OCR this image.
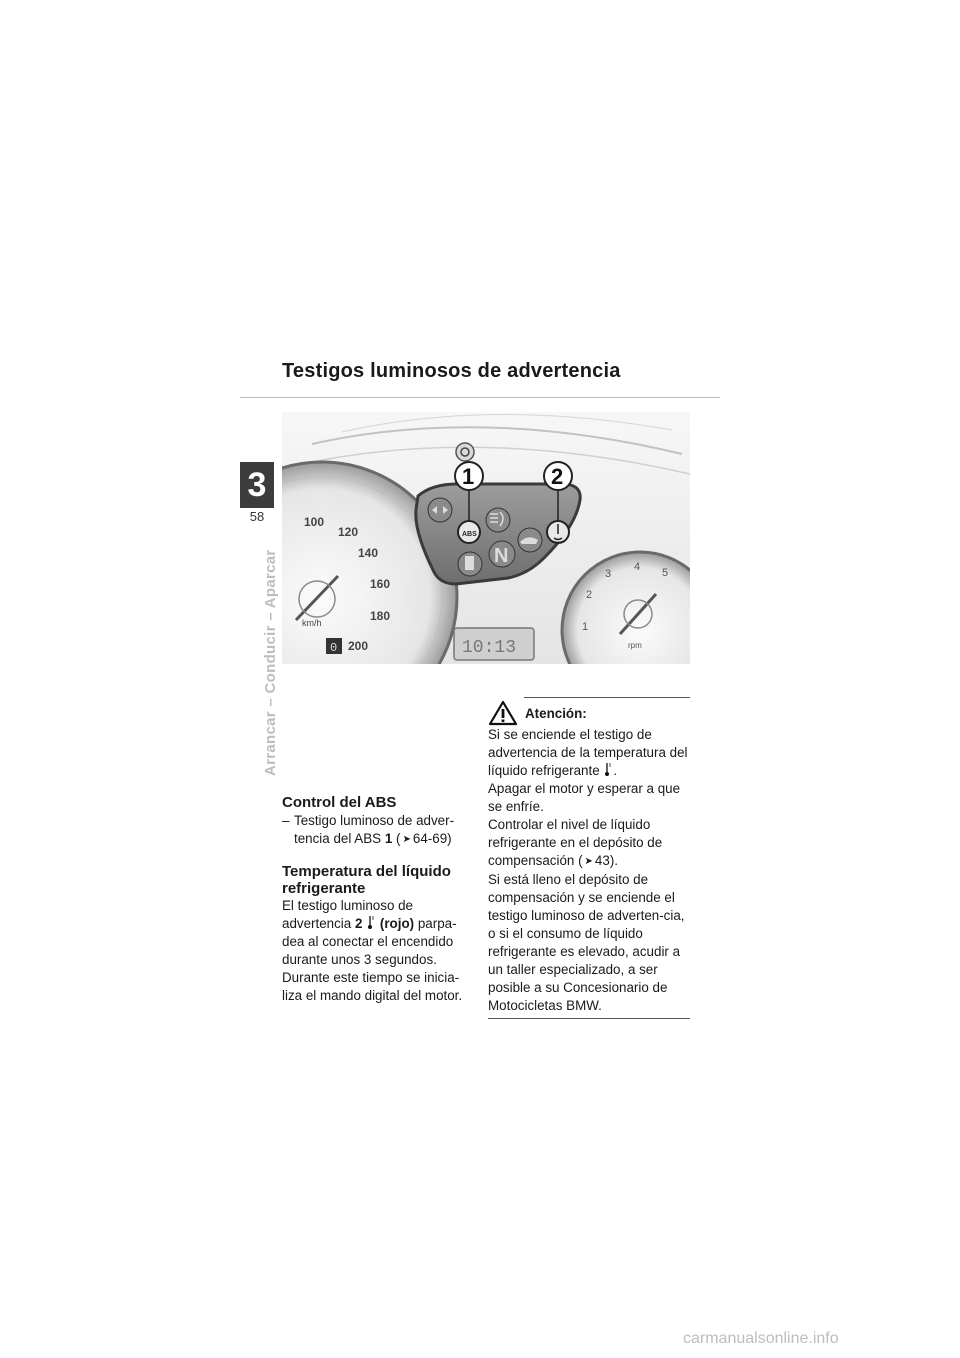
Testigos luminosos de advertencia
3
58
Arrancar – Conducir – Aparcar
100
120
140
160
180
200
km/h
0	10:13
1
2
3
4 5
rpm
ABS
N
1	2
Control del ABS
– Testigo luminoso de adver-tencia del ABS 1 ( ➤ 64-69)
Temperatura del líquido refrigerante
El testigo luminoso de advertencia 2 (rojo) parpa-dea al conectar el encendido durante unos 3 segundos. Durante este tiempo se inicia-liza el mando digital del motor.
Atención:
Si se enciende el testigo de advertencia de la temperatura del líquido refrigerante .
Apagar el motor y esperar a que se enfríe.
Controlar el nivel de líquido refrigerante en el depósito de compensación ( ➤ 43).
Si está lleno el depósito de compensación y se enciende el testigo luminoso de adverten-cia, o si el consumo de líquido refrigerante es elevado, acudir a un taller especializado, a ser posible a su Concesionario de Motocicletas BMW.
carmanualsonline.info
